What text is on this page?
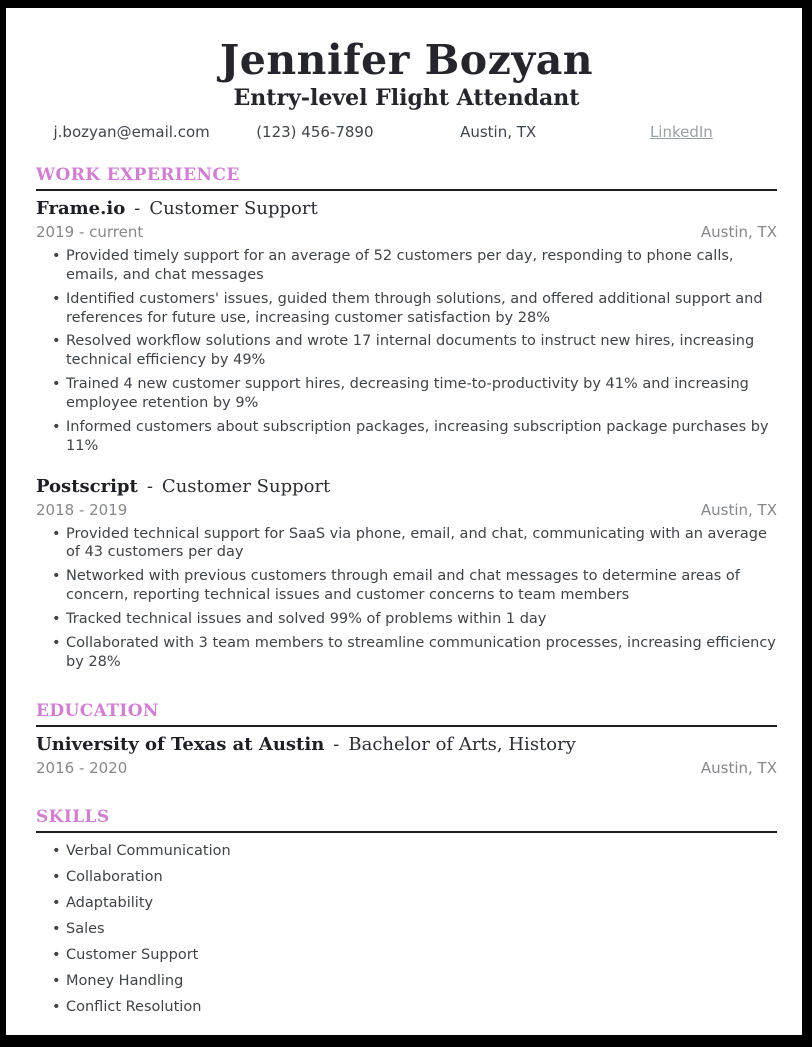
Jennifer Bozyan
Entry-level Flight Attendant
j.bozyan@email.com	(123) 456-7890	Austin, TX	LinkedIn
WORK EXPERIENCE
Frame.io - Customer Support
2019 - current	Austin, TX
• Provided timely support for an average of 52 customers per day, responding to phone calls, emails, and chat messages
• Identified customers' issues, guided them through solutions, and offered additional support and references for future use, increasing customer satisfaction by 28%
• Resolved workflow solutions and wrote 17 internal documents to instruct new hires, increasing technical efficiency by 49%
• Trained 4 new customer support hires, decreasing time-to-productivity by 41% and increasing employee retention by 9%
• Informed customers about subscription packages, increasing subscription package purchases by 11%
Postscript - Customer Support
2018 - 2019	Austin, TX
• Provided technical support for SaaS via phone, email, and chat, communicating with an average of 43 customers per day
• Networked with previous customers through email and chat messages to determine areas of concern, reporting technical issues and customer concerns to team members
• Tracked technical issues and solved 99% of problems within 1 day
• Collaborated with 3 team members to streamline communication processes, increasing efficiency by 28%
EDUCATION
University of Texas at Austin - Bachelor of Arts, History
2016 - 2020	Austin, TX
SKILLS
• Verbal Communication
• Collaboration
• Adaptability
• Sales
• Customer Support
• Money Handling
• Conflict Resolution
